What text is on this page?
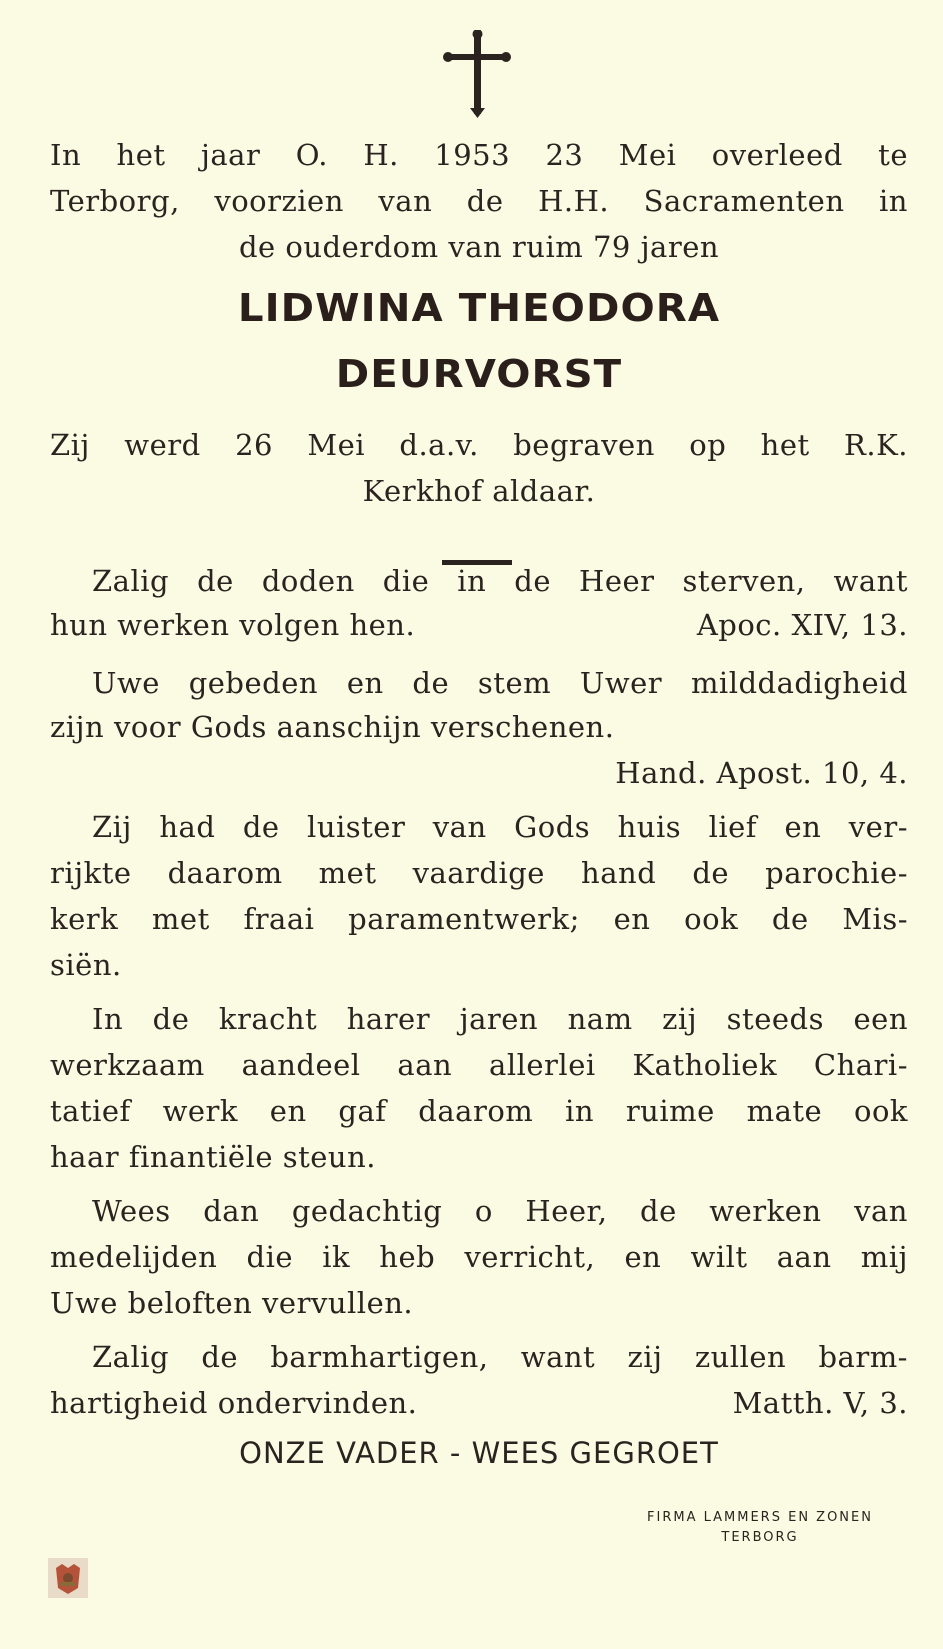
In het jaar O. H. 1953 23 Mei overleed te
Terborg, voorzien van de H.H. Sacramenten in
de ouderdom van ruim 79 jaren
LIDWINA THEODORA
DEURVORST
Zij werd 26 Mei d.a.v. begraven op het R.K.
Kerkhof aldaar.
Zalig de doden die in de Heer sterven, want
hun werken volgen hen.	Apoc. XIV, 13.
Uwe gebeden en de stem Uwer milddadigheid
zijn voor Gods aanschijn verschenen.
Hand. Apost. 10, 4.
Zij had de luister van Gods huis lief en ver-
rijkte daarom met vaardige hand de parochie-
kerk met fraai paramentwerk; en ook de Mis-
siën.
In de kracht harer jaren nam zij steeds een
werkzaam aandeel aan allerlei Katholiek Chari-
tatief werk en gaf daarom in ruime mate ook
haar finantiële steun.
Wees dan gedachtig o Heer, de werken van
medelijden die ik heb verricht, en wilt aan mij
Uwe beloften vervullen.
Zalig de barmhartigen, want zij zullen barm-
hartigheid ondervinden.	Matth. V, 3.
ONZE VADER - WEES GEGROET
FIRMA LAMMERS EN ZONEN
TERBORG
